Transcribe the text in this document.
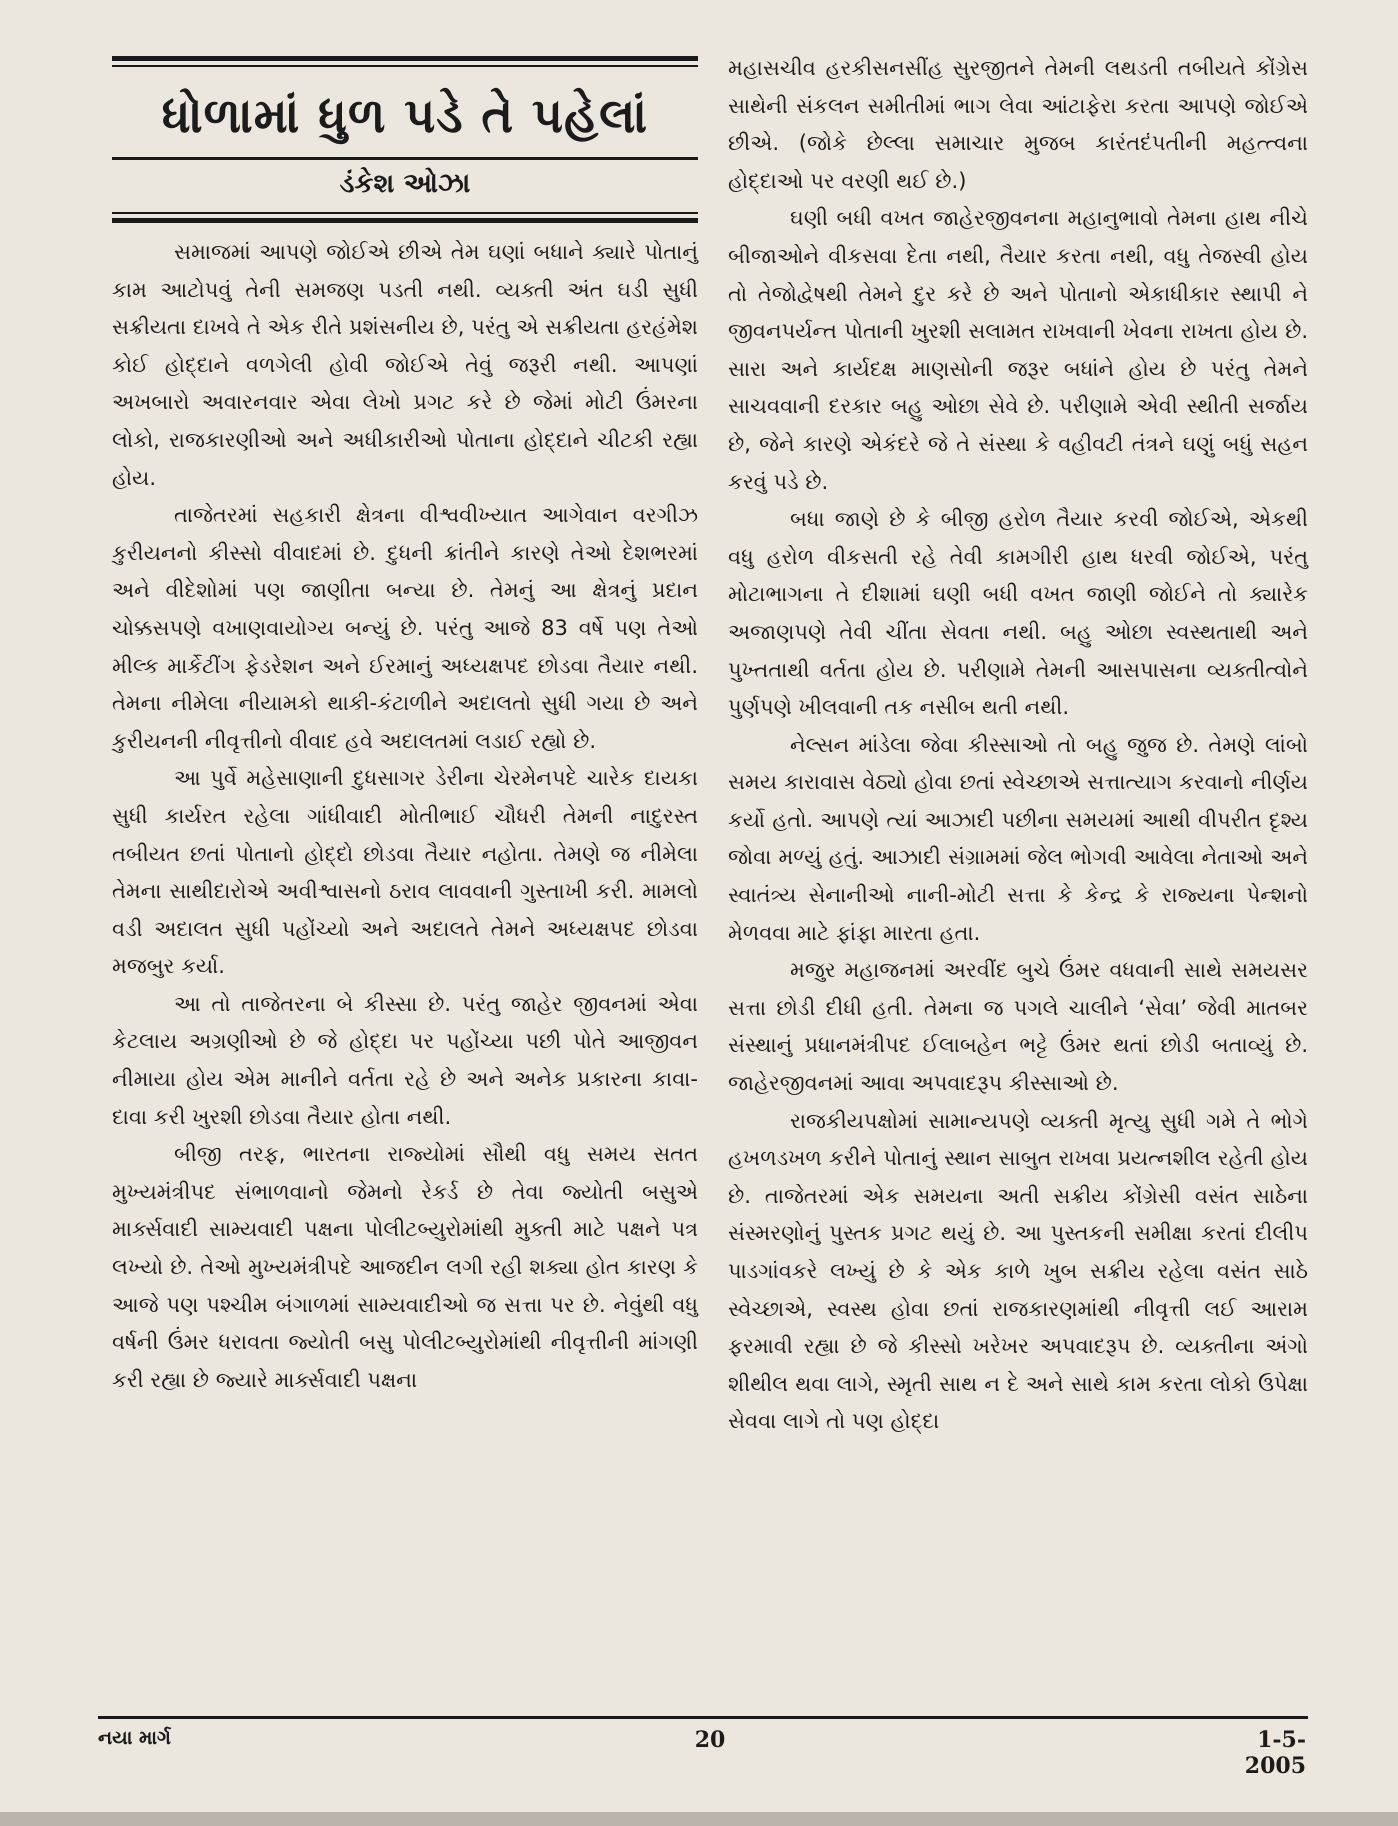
ધોળામાં ધુળ પડે તે પહેલાં
ડંકેશ ઓઝા

સમાજમાં આપણે જોઈએ છીએ તેમ ઘણાં બધાને ક્યારે પોતાનું કામ આટોપવું તેની સમજણ પડતી નથી. વ્યક્તી અંત ઘડી સુધી સક્રીયતા દાખવે તે એક રીતે પ્રશંસનીય છે, પરંતુ એ સક્રીયતા હરહંમેશ કોઈ હોદ્દાને વળગેલી હોવી જોઈએ તેવું જરૂરી નથી. આપણાં અખબારો અવારનવાર એવા લેખો પ્રગટ કરે છે જેમાં મોટી ઉંમરના લોકો, રાજકારણીઓ અને અધીકારીઓ પોતાના હોદ્દાને ચીટકી રહ્યા હોય.

તાજેતરમાં સહકારી ક્ષેત્રના વીશ્વવીખ્યાત આગેવાન વરગીઝ કુરીયનનો કીસ્સો વીવાદમાં છે. દુધની ક્રાંતીને કારણે તેઓ દેશભરમાં અને વીદેશોમાં પણ જાણીતા બન્યા છે. તેમનું આ ક્ષેત્રનું પ્રદાન ચોક્કસપણે વખાણવાયોગ્ય બન્યું છે. પરંતુ આજે 83 વર્ષે પણ તેઓ મીલ્ક માર્કેટીંગ ફેડરેશન અને ઈરમાનું અધ્યક્ષપદ છોડવા તૈયાર નથી. તેમના નીમેલા નીયામકો થાકી-કંટાળીને અદાલતો સુધી ગયા છે અને કુરીયનની નીવૃત્તીનો વીવાદ હવે અદાલતમાં લડાઈ રહ્યો છે.

આ પુર્વે મહેસાણાની દુધસાગર ડેરીના ચેરમેનપદે ચારેક દાયકા સુધી કાર્યરત રહેલા ગાંધીવાદી મોતીભાઈ ચૌધરી તેમની નાદુરસ્ત તબીયત છતાં પોતાનો હોદ્દો છોડવા તૈયાર નહોતા. તેમણે જ નીમેલા તેમના સાથીદારોએ અવીશ્વાસનો ઠરાવ લાવવાની ગુસ્તાખી કરી. મામલો વડી અદાલત સુધી પહોંચ્યો અને અદાલતે તેમને અધ્યક્ષપદ છોડવા મજબુર કર્યા.

આ તો તાજેતરના બે કીસ્સા છે. પરંતુ જાહેર જીવનમાં એવા કેટલાય અગ્રણીઓ છે જે હોદ્દા પર પહોંચ્યા પછી પોતે આજીવન નીમાયા હોય એમ માનીને વર્તતા રહે છે અને અનેક પ્રકારના કાવા-દાવા કરી ખુરશી છોડવા તૈયાર હોતા નથી.

બીજી તરફ, ભારતના રાજ્યોમાં સૌથી વધુ સમય સતત મુખ્યમંત્રીપદ સંભાળવાનો જેમનો રેકર્ડ છે તેવા જ્યોતી બસુએ માર્ક્સવાદી સામ્યવાદી પક્ષના પોલીટબ્યુરોમાંથી મુક્તી માટે પક્ષને પત્ર લખ્યો છે. તેઓ મુખ્યમંત્રીપદે આજદીન લગી રહી શક્યા હોત કારણ કે આજે પણ પશ્ચીમ બંગાળમાં સામ્યવાદીઓ જ સત્તા પર છે. નેવુંથી વધુ વર્ષની ઉંમર ધરાવતા જ્યોતી બસુ પોલીટબ્યુરોમાંથી નીવૃત્તીની માંગણી કરી રહ્યા છે જ્યારે માર્ક્સવાદી પક્ષના

મહાસચીવ હરકીસનસીંહ સુરજીતને તેમની લથડતી તબીયતે કોંગ્રેસ સાથેની સંકલન સમીતીમાં ભાગ લેવા આંટાફેરા કરતા આપણે જોઈએ છીએ. (જોકે છેલ્લા સમાચાર મુજબ કારંતદંપતીની મહત્ત્વના હોદ્દાઓ પર વરણી થઈ છે.)

ઘણી બધી વખત જાહેરજીવનના મહાનુભાવો તેમના હાથ નીચે બીજાઓને વીકસવા દેતા નથી, તૈયાર કરતા નથી, વધુ તેજસ્વી હોય તો તેજોદ્વેષથી તેમને દુર કરે છે અને પોતાનો એકાધીકાર સ્થાપી ને જીવનપર્યન્ત પોતાની ખુરશી સલામત રાખવાની ખેવના રાખતા હોય છે. સારા અને કાર્યદક્ષ માણસોની જરૂર બધાંને હોય છે પરંતુ તેમને સાચવવાની દરકાર બહુ ઓછા સેવે છે. પરીણામે એવી સ્થીતી સર્જાય છે, જેને કારણે એકંદરે જે તે સંસ્થા કે વહીવટી તંત્રને ઘણું બધું સહન કરવું પડે છે.

બધા જાણે છે કે બીજી હરોળ તૈયાર કરવી જોઈએ, એકથી વધુ હરોળ વીકસતી રહે તેવી કામગીરી હાથ ધરવી જોઈએ, પરંતુ મોટાભાગના તે દીશામાં ઘણી બધી વખત જાણી જોઈને તો ક્યારેક અજાણપણે તેવી ચીંતા સેવતા નથી. બહુ ઓછા સ્વસ્થતાથી અને પુખ્તતાથી વર્તતા હોય છે. પરીણામે તેમની આસપાસના વ્યક્તીત્વોને પુર્ણપણે ખીલવાની તક નસીબ થતી નથી.

નેલ્સન માંડેલા જેવા કીસ્સાઓ તો બહુ જુજ છે. તેમણે લાંબો સમય કારાવાસ વેઠ્યો હોવા છતાં સ્વેચ્છાએ સત્તાત્યાગ કરવાનો નીર્ણય કર્યો હતો. આપણે ત્યાં આઝાદી પછીના સમયમાં આથી વીપરીત દૃશ્ય જોવા મળ્યું હતું. આઝાદી સંગ્રામમાં જેલ ભોગવી આવેલા નેતાઓ અને સ્વાતંત્ર્ય સેનાનીઓ નાની-મોટી સત્તા કે કેન્દ્ર કે રાજ્યના પેન્શનો મેળવવા માટે ફાંફા મારતા હતા.

મજુર મહાજનમાં અરવીંદ બુચે ઉંમર વધવાની સાથે સમયસર સત્તા છોડી દીધી હતી. તેમના જ પગલે ચાલીને ‘સેવા’ જેવી માતબર સંસ્થાનું પ્રધાનમંત્રીપદ ઈલાબહેન ભટ્ટે ઉંમર થતાં છોડી બતાવ્યું છે. જાહેરજીવનમાં આવા અપવાદરૂપ કીસ્સાઓ છે.

રાજકીયપક્ષોમાં સામાન્યપણે વ્યક્તી મૃત્યુ સુધી ગમે તે ભોગે હખળડખળ કરીને પોતાનું સ્થાન સાબુત રાખવા પ્રયત્નશીલ રહેતી હોય છે. તાજેતરમાં એક સમયના અતી સક્રીય કોંગ્રેસી વસંત સાઠેના સંસ્મરણોનું પુસ્તક પ્રગટ થયું છે. આ પુસ્તકની સમીક્ષા કરતાં દીલીપ પાડગાંવકરે લખ્યું છે કે એક કાળે ખુબ સક્રીય રહેલા વસંત સાઠે સ્વેચ્છાએ, સ્વસ્થ હોવા છતાં રાજકારણમાંથી નીવૃત્તી લઈ આરામ ફરમાવી રહ્યા છે જે કીસ્સો ખરેખર અપવાદરૂપ છે. વ્યક્તીના અંગો શીથીલ થવા લાગે, સ્મૃતી સાથ ન દે અને સાથે કામ કરતા લોકો ઉપેક્ષા સેવવા લાગે તો પણ હોદ્દા

નયા માર્ગ	20	1-5-2005
